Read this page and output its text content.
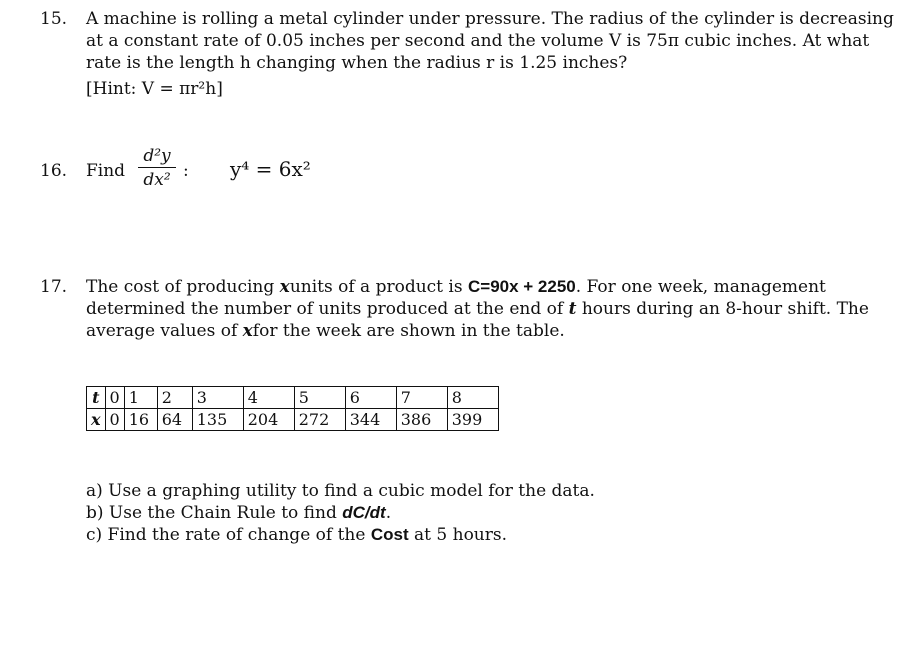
15. A machine is rolling a metal cylinder under pressure. The radius of the cylinder is decreasing
at a constant rate of 0.05 inches per second and the volume V is 75π cubic inches. At what
rate is the length h changing when the radius r is 1.25 inches?
[Hint: V = πr²h]
16. Find
d²y
dx² : y⁴ = 6x²
17. The cost of producing xunits of a product is C=90x + 2250. For one week, management
determined the number of units produced at the end of t hours during an 8-hour shift. The
average values of xfor the week are shown in the table.
t	0	1	2	3	4	5	6	7	8
x	0	16	64	135	204	272	344	386	399
a) Use a graphing utility to find a cubic model for the data.
b) Use the Chain Rule to find dC/dt.
c) Find the rate of change of the Cost at 5 hours.
